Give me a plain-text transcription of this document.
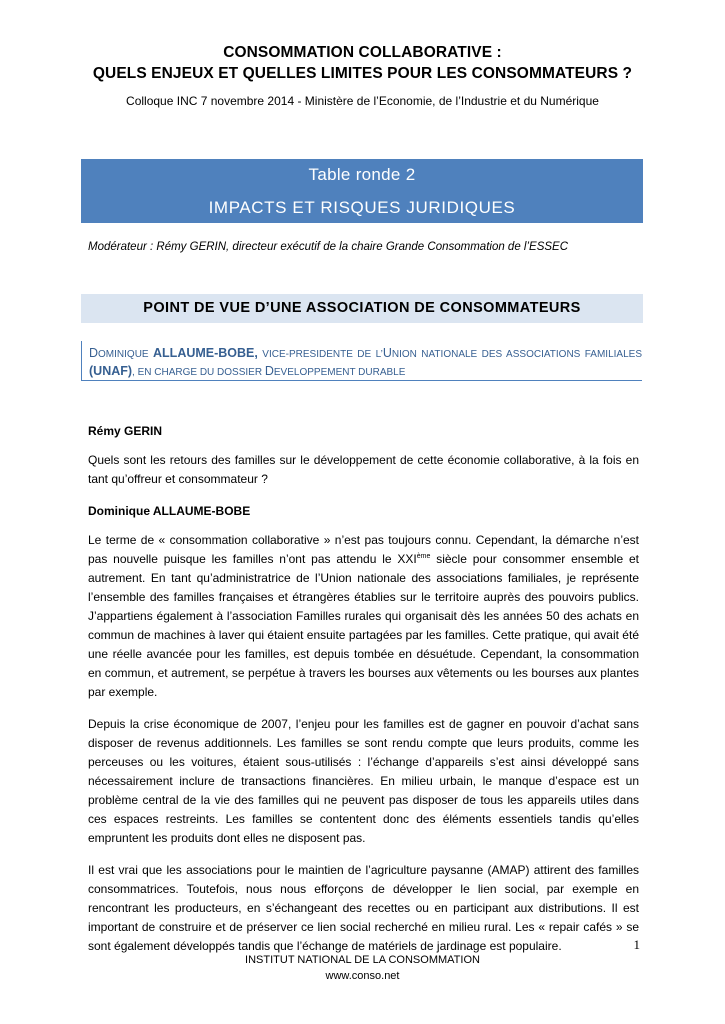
CONSOMMATION COLLABORATIVE :
QUELS ENJEUX ET QUELLES LIMITES POUR LES CONSOMMATEURS ?
Colloque INC 7 novembre 2014 - Ministère de l’Economie, de l’Industrie et du Numérique
Table ronde 2
IMPACTS ET RISQUES JURIDIQUES
Modérateur : Rémy GERIN, directeur exécutif de la chaire Grande Consommation de l’ESSEC
POINT DE VUE D’UNE ASSOCIATION DE CONSOMMATEURS
DOMINIQUE ALLAUME-BOBE, VICE-PRESIDENTE DE L’UNION NATIONALE DES ASSOCIATIONS FAMILIALES (UNAF), EN CHARGE DU DOSSIER DEVELOPPEMENT DURABLE

Rémy GERIN

Quels sont les retours des familles sur le développement de cette économie collaborative, à la fois en tant qu’offreur et consommateur ?

Dominique ALLAUME-BOBE

Le terme de « consommation collaborative » n’est pas toujours connu. Cependant, la démarche n’est pas nouvelle puisque les familles n’ont pas attendu le XXIème siècle pour consommer ensemble et autrement. En tant qu’administratrice de l’Union nationale des associations familiales, je représente l’ensemble des familles françaises et étrangères établies sur le territoire auprès des pouvoirs publics. J’appartiens également à l’association Familles rurales qui organisait dès les années 50 des achats en commun de machines à laver qui étaient ensuite partagées par les familles. Cette pratique, qui avait été une réelle avancée pour les familles, est depuis tombée en désuétude. Cependant, la consommation en commun, et autrement, se perpétue à travers les bourses aux vêtements ou les bourses aux plantes par exemple.

Depuis la crise économique de 2007, l’enjeu pour les familles est de gagner en pouvoir d’achat sans disposer de revenus additionnels. Les familles se sont rendu compte que leurs produits, comme les perceuses ou les voitures, étaient sous-utilisés : l’échange d’appareils s’est ainsi développé sans nécessairement inclure de transactions financières. En milieu urbain, le manque d’espace est un problème central de la vie des familles qui ne peuvent pas disposer de tous les appareils utiles dans ces espaces restreints. Les familles se contentent donc des éléments essentiels tandis qu’elles empruntent les produits dont elles ne disposent pas.

Il est vrai que les associations pour le maintien de l’agriculture paysanne (AMAP) attirent des familles consommatrices. Toutefois, nous nous efforçons de développer le lien social, par exemple en rencontrant les producteurs, en s’échangeant des recettes ou en participant aux distributions. Il est important de construire et de préserver ce lien social recherché en milieu rural. Les « repair cafés » se sont également développés tandis que l’échange de matériels de jardinage est populaire.	1
INSTITUT NATIONAL DE LA CONSOMMATION
www.conso.net
